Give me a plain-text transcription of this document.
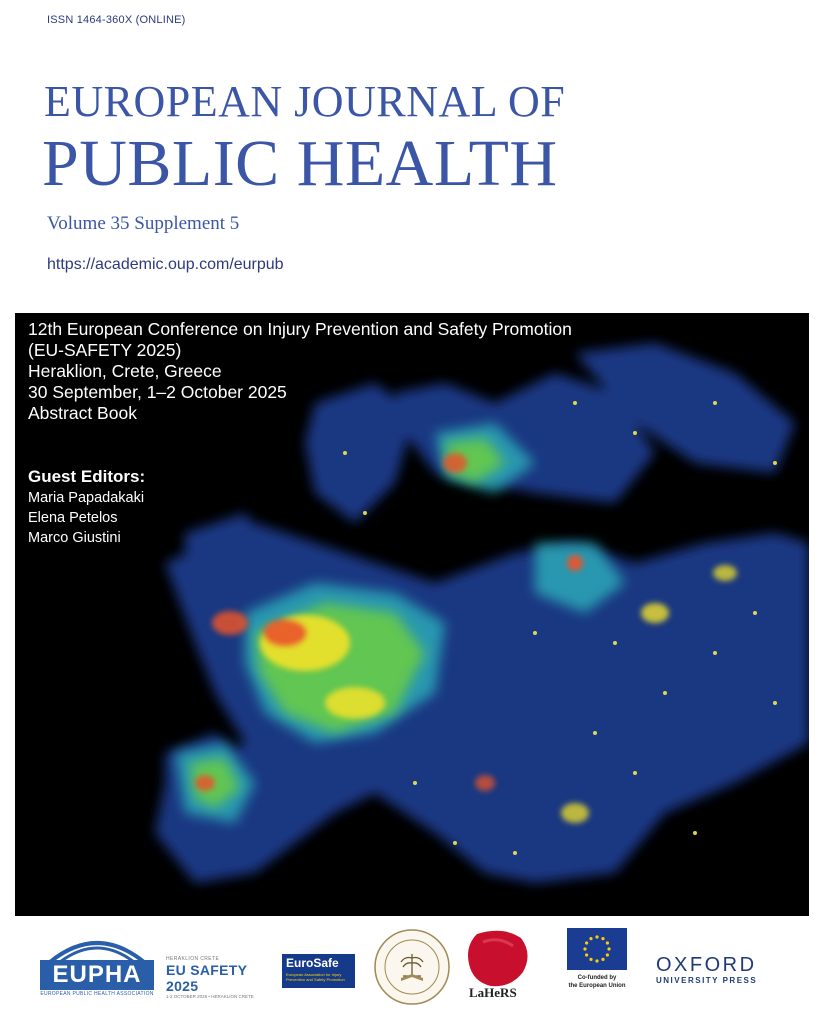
ISSN 1464-360X (ONLINE)
EUROPEAN JOURNAL OF
PUBLIC HEALTH
Volume 35 Supplement 5
https://academic.oup.com/eurpub
12th European Conference on Injury Prevention and Safety Promotion
(EU-SAFETY 2025)
Heraklion, Crete, Greece
30 September, 1–2 October 2025
Abstract Book
Guest Editors:
Maria Papadakaki
Elena Petelos
Marco Giustini
EUPHA
EUROPEAN PUBLIC HEALTH ASSOCIATION
HERAKLION CRETE
EU SAFETY 2025
1-2 OCTOBER 2025 • HERAKLION CRETE
EuroSafe
European Association for Injury Prevention and Safety Promotion
LaHeRS
Co-funded by
the European Union
OXFORD
UNIVERSITY PRESS
